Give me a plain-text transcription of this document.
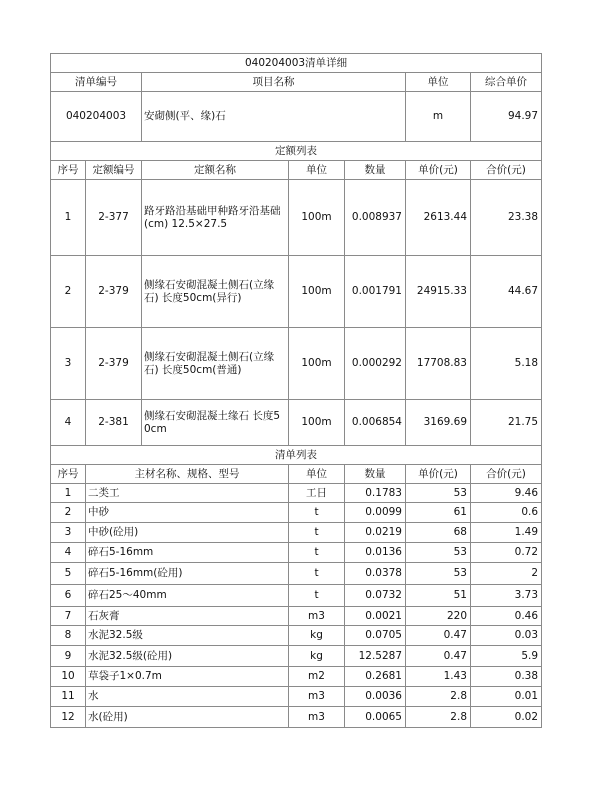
040204003清单详细						
清单编号		项目名称			单位	综合单价
040204003		安砌侧(平、缘)石			m	94.97
定额列表						
序号	定额编号	定额名称	单位	数量	单价(元)	合价(元)
1	2-377	路牙路沿基础甲种路牙沿基础(cm) 12.5×27.5	100m	0.008937	2613.44	23.38
2	2-379	侧缘石安砌混凝土侧石(立缘石) 长度50cm(异行)	100m	0.001791	24915.33	44.67
3	2-379	侧缘石安砌混凝土侧石(立缘石) 长度50cm(普通)	100m	0.000292	17708.83	5.18
4	2-381	侧缘石安砌混凝土缘石 长度50cm	100m	0.006854	3169.69	21.75
清单列表						
序号	主材名称、规格、型号		单位	数量	单价(元)	合价(元)
1	二类工		工日	0.1783	53	9.46
2	中砂		t	0.0099	61	0.6
3	中砂(砼用)		t	0.0219	68	1.49
4	碎石5-16mm		t	0.0136	53	0.72
5	碎石5-16mm(砼用)		t	0.0378	53	2
6	碎石25～40mm		t	0.0732	51	3.73
7	石灰膏		m3	0.0021	220	0.46
8	水泥32.5级		kg	0.0705	0.47	0.03
9	水泥32.5级(砼用)		kg	12.5287	0.47	5.9
10	草袋子1×0.7m		m2	0.2681	1.43	0.38
11	水		m3	0.0036	2.8	0.01
12	水(砼用)		m3	0.0065	2.8	0.02
